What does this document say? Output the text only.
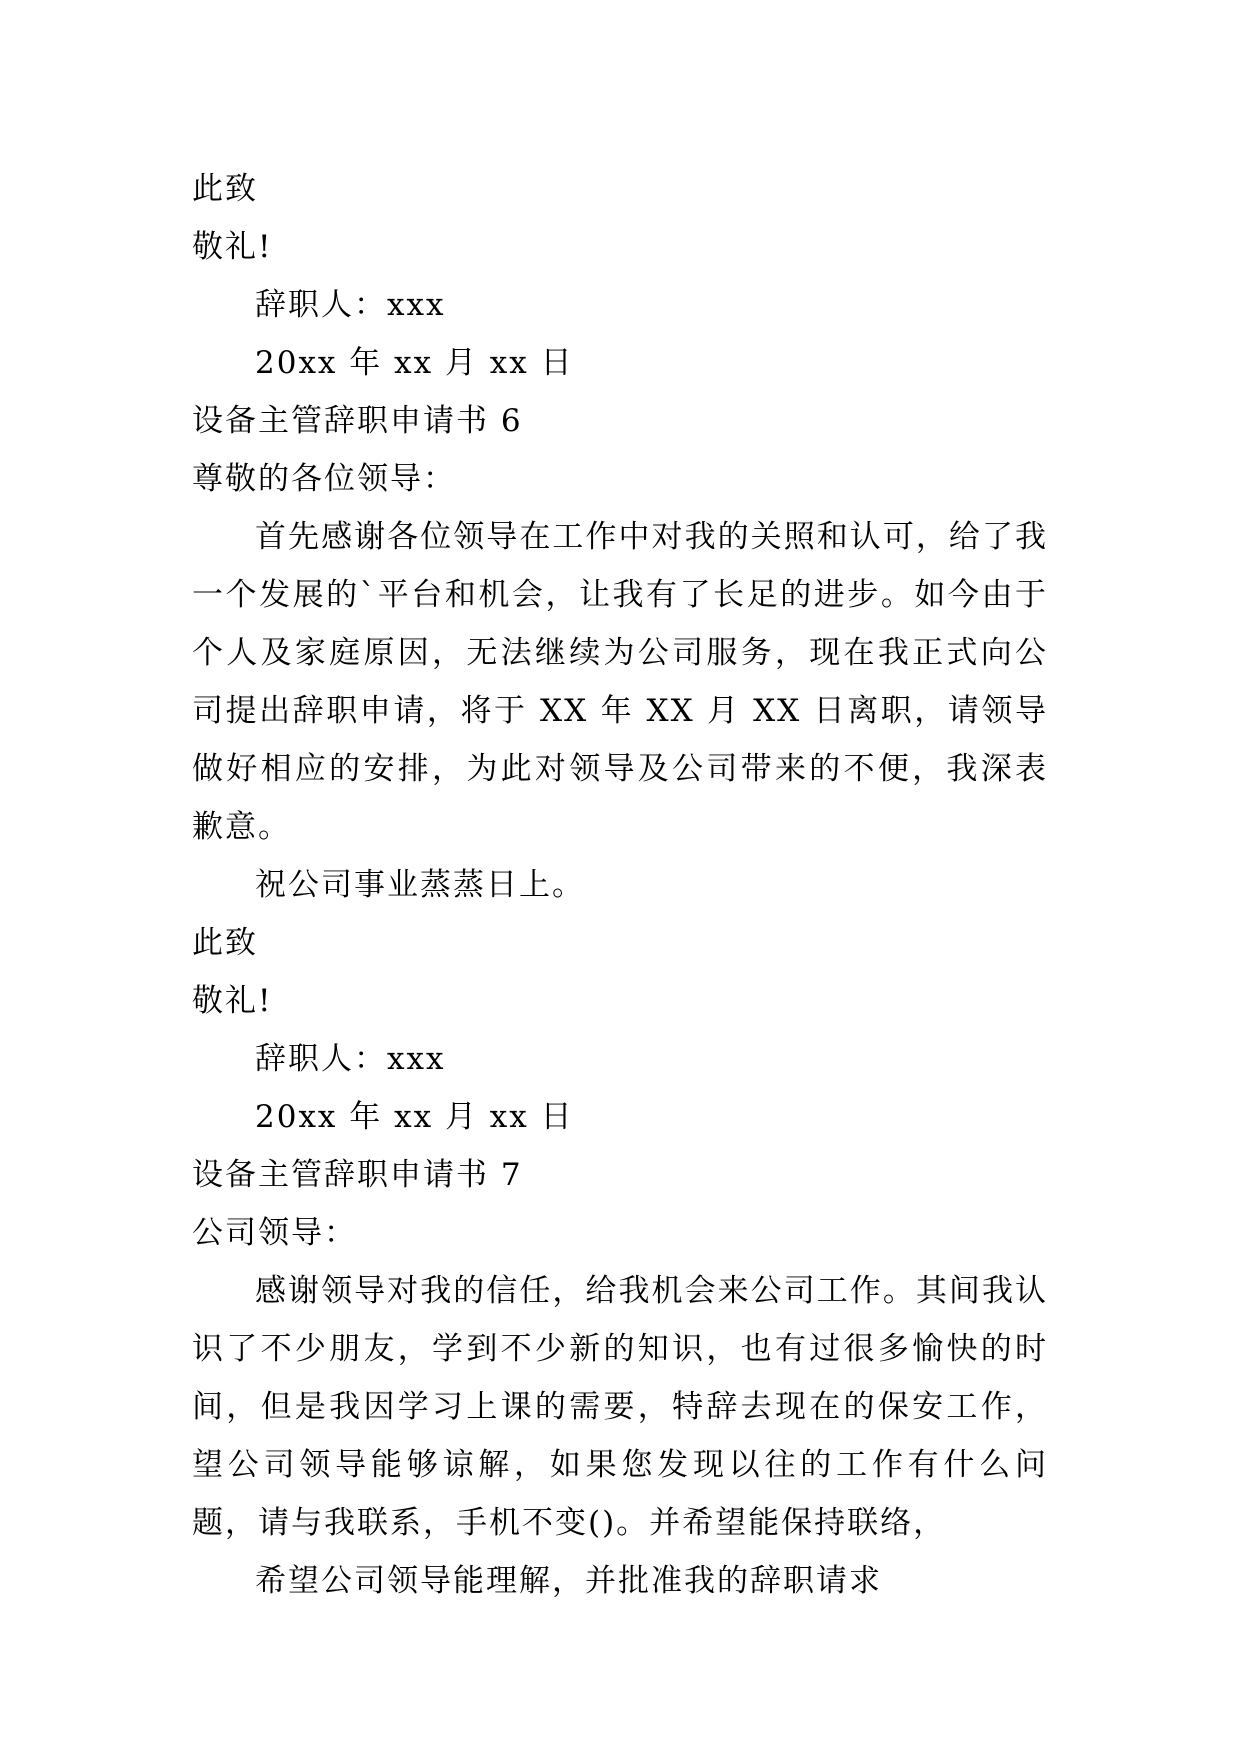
此致
敬礼!
辞职人：xxx
20xx 年 xx 月 xx 日
设备主管辞职申请书 6
尊敬的各位领导：
首先感谢各位领导在工作中对我的关照和认可，给了我一个发展的`平台和机会，让我有了长足的进步。如今由于个人及家庭原因，无法继续为公司服务，现在我正式向公司提出辞职申请，将于 XX 年 XX 月 XX 日离职，请领导做好相应的安排，为此对领导及公司带来的不便，我深表歉意。
祝公司事业蒸蒸日上。
此致
敬礼!
辞职人：xxx
20xx 年 xx 月 xx 日
设备主管辞职申请书 7
公司领导：
感谢领导对我的信任，给我机会来公司工作。其间我认识了不少朋友，学到不少新的知识，也有过很多愉快的时间，但是我因学习上课的需要，特辞去现在的保安工作，望公司领导能够谅解，如果您发现以往的工作有什么问题，请与我联系，手机不变()。并希望能保持联络，
希望公司领导能理解，并批准我的辞职请求
